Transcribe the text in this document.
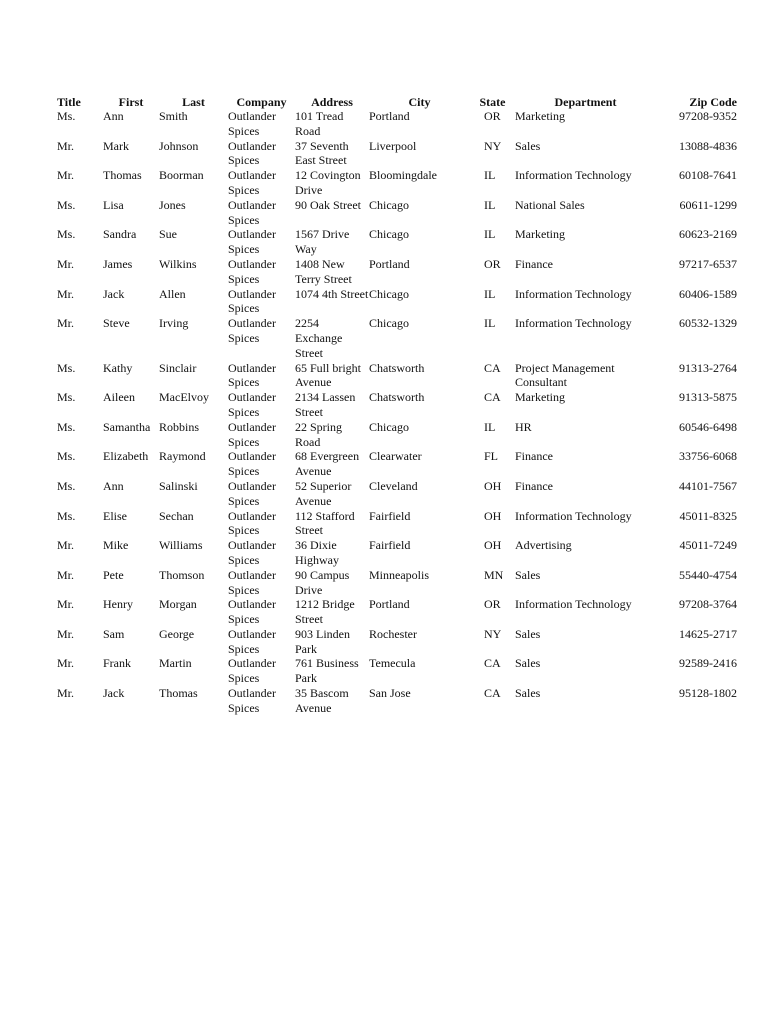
Title	First	Last	Company	Address	City	State	Department	Zip Code
Ms.	Ann	Smith	Outlander Spices	101 Tread Road	Portland	OR	Marketing	97208-9352
Mr.	Mark	Johnson	Outlander Spices	37 Seventh East Street	Liverpool	NY	Sales	13088-4836
Mr.	Thomas	Boorman	Outlander Spices	12 Covington Drive	Bloomingdale	IL	Information Technology	60108-7641
Ms.	Lisa	Jones	Outlander Spices	90 Oak Street	Chicago	IL	National Sales	60611-1299
Ms.	Sandra	Sue	Outlander Spices	1567 Drive Way	Chicago	IL	Marketing	60623-2169
Mr.	James	Wilkins	Outlander Spices	1408 New Terry Street	Portland	OR	Finance	97217-6537
Mr.	Jack	Allen	Outlander Spices	1074 4th Street	Chicago	IL	Information Technology	60406-1589
Mr.	Steve	Irving	Outlander Spices	2254 Exchange Street	Chicago	IL	Information Technology	60532-1329
Ms.	Kathy	Sinclair	Outlander Spices	65 Full bright Avenue	Chatsworth	CA	Project Management Consultant	91313-2764
Ms.	Aileen	MacElvoy	Outlander Spices	2134 Lassen Street	Chatsworth	CA	Marketing	91313-5875
Ms.	Samantha	Robbins	Outlander Spices	22 Spring Road	Chicago	IL	HR	60546-6498
Ms.	Elizabeth	Raymond	Outlander Spices	68 Evergreen Avenue	Clearwater	FL	Finance	33756-6068
Ms.	Ann	Salinski	Outlander Spices	52 Superior Avenue	Cleveland	OH	Finance	44101-7567
Ms.	Elise	Sechan	Outlander Spices	112 Stafford Street	Fairfield	OH	Information Technology	45011-8325
Mr.	Mike	Williams	Outlander Spices	36 Dixie Highway	Fairfield	OH	Advertising	45011-7249
Mr.	Pete	Thomson	Outlander Spices	90 Campus Drive	Minneapolis	MN	Sales	55440-4754
Mr.	Henry	Morgan	Outlander Spices	1212 Bridge Street	Portland	OR	Information Technology	97208-3764
Mr.	Sam	George	Outlander Spices	903 Linden Park	Rochester	NY	Sales	14625-2717
Mr.	Frank	Martin	Outlander Spices	761 Business Park	Temecula	CA	Sales	92589-2416
Mr.	Jack	Thomas	Outlander Spices	35 Bascom Avenue	San Jose	CA	Sales	95128-1802
